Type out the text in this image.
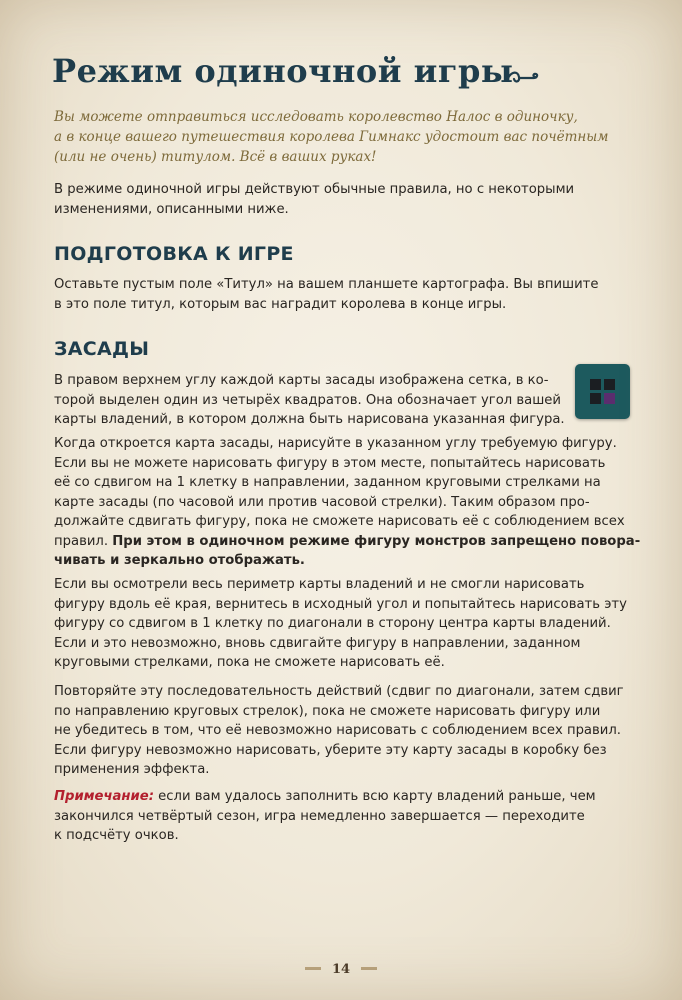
Режим одиночной игры
Вы можете отправиться исследовать королевство Налос в одиночку,
а в конце вашего путешествия королева Гимнакс удостоит вас почётным
(или не очень) титулом. Всё в ваших руках!

В режиме одиночной игры действуют обычные правила, но с некоторыми
изменениями, описанными ниже.

ПОДГОТОВКА К ИГРЕ

Оставьте пустым поле «Титул» на вашем планшете картографа. Вы впишите
в это поле титул, которым вас наградит королева в конце игры.

ЗАСАДЫ

В правом верхнем углу каждой карты засады изображена сетка, в ко-
торой выделен один из четырёх квадратов. Она обозначает угол вашей
карты владений, в котором должна быть нарисована указанная фигура.

Когда откроется карта засады, нарисуйте в указанном углу требуемую фигуру.
Если вы не можете нарисовать фигуру в этом месте, попытайтесь нарисовать
её со сдвигом на 1 клетку в направлении, заданном круговыми стрелками на
карте засады (по часовой или против часовой стрелки). Таким образом про-
должайте сдвигать фигуру, пока не сможете нарисовать её с соблюдением всех
правил. При этом в одиночном режиме фигуру монстров запрещено повора-
чивать и зеркально отображать.

Если вы осмотрели весь периметр карты владений и не смогли нарисовать
фигуру вдоль её края, вернитесь в исходный угол и попытайтесь нарисовать эту
фигуру со сдвигом в 1 клетку по диагонали в сторону центра карты владений.
Если и это невозможно, вновь сдвигайте фигуру в направлении, заданном
круговыми стрелками, пока не сможете нарисовать её.

Повторяйте эту последовательность действий (сдвиг по диагонали, затем сдвиг
по направлению круговых стрелок), пока не сможете нарисовать фигуру или
не убедитесь в том, что её невозможно нарисовать с соблюдением всех правил.
Если фигуру невозможно нарисовать, уберите эту карту засады в коробку без
применения эффекта.

Примечание: если вам удалось заполнить всю карту владений раньше, чем
закончился четвёртый сезон, игра немедленно завершается — переходите
к подсчёту очков.

14
